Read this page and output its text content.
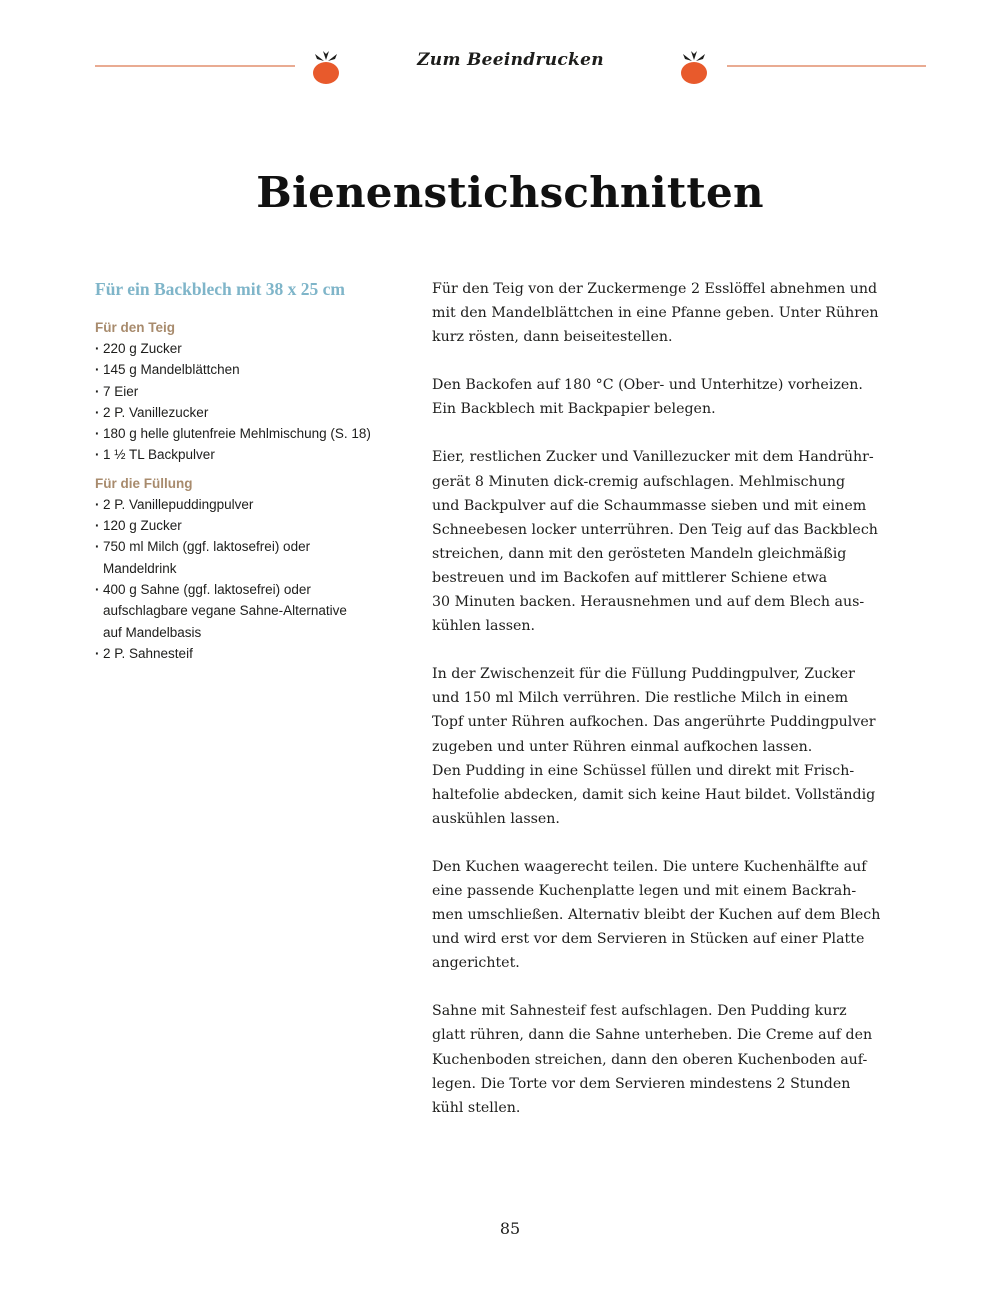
Zum Beeindrucken
Bienenstichschnitten

Für ein Backblech mit 38 x 25 cm

Für den Teig

· 220 g Zucker
· 145 g Mandelblättchen
· 7 Eier
· 2 P. Vanillezucker
· 180 g helle glutenfreie Mehlmischung (S. 18)
· 1 ½ TL Backpulver

Für die Füllung

· 2 P. Vanillepuddingpulver
· 120 g Zucker
· 750 ml Milch (ggf. laktosefrei) oder
Mandeldrink
· 400 g Sahne (ggf. laktosefrei) oder
aufschlagbare vegane Sahne-Alternative
auf Mandelbasis
· 2 P. Sahnesteif

Für den Teig von der Zuckermenge 2 Esslöffel abnehmen und
mit den Mandelblättchen in eine Pfanne geben. Unter Rühren
kurz rösten, dann beiseitestellen.

Den Backofen auf 180 °C (Ober- und Unterhitze) vorheizen.
Ein Backblech mit Backpapier belegen.

Eier, restlichen Zucker und Vanillezucker mit dem Handrühr-
gerät 8 Minuten dick-cremig aufschlagen. Mehlmischung
und Backpulver auf die Schaummasse sieben und mit einem
Schneebesen locker unterrühren. Den Teig auf das Backblech
streichen, dann mit den gerösteten Mandeln gleichmäßig
bestreuen und im Backofen auf mittlerer Schiene etwa
30 Minuten backen. Herausnehmen und auf dem Blech aus-
kühlen lassen.

In der Zwischenzeit für die Füllung Puddingpulver, Zucker
und 150 ml Milch verrühren. Die restliche Milch in einem
Topf unter Rühren aufkochen. Das angerührte Puddingpulver
zugeben und unter Rühren einmal aufkochen lassen.
Den Pudding in eine Schüssel füllen und direkt mit Frisch-
haltefolie abdecken, damit sich keine Haut bildet. Vollständig
auskühlen lassen.

Den Kuchen waagerecht teilen. Die untere Kuchenhälfte auf
eine passende Kuchenplatte legen und mit einem Backrah-
men umschließen. Alternativ bleibt der Kuchen auf dem Blech
und wird erst vor dem Servieren in Stücken auf einer Platte
angerichtet.

Sahne mit Sahnesteif fest aufschlagen. Den Pudding kurz
glatt rühren, dann die Sahne unterheben. Die Creme auf den
Kuchenboden streichen, dann den oberen Kuchenboden auf-
legen. Die Torte vor dem Servieren mindestens 2 Stunden
kühl stellen.

85
